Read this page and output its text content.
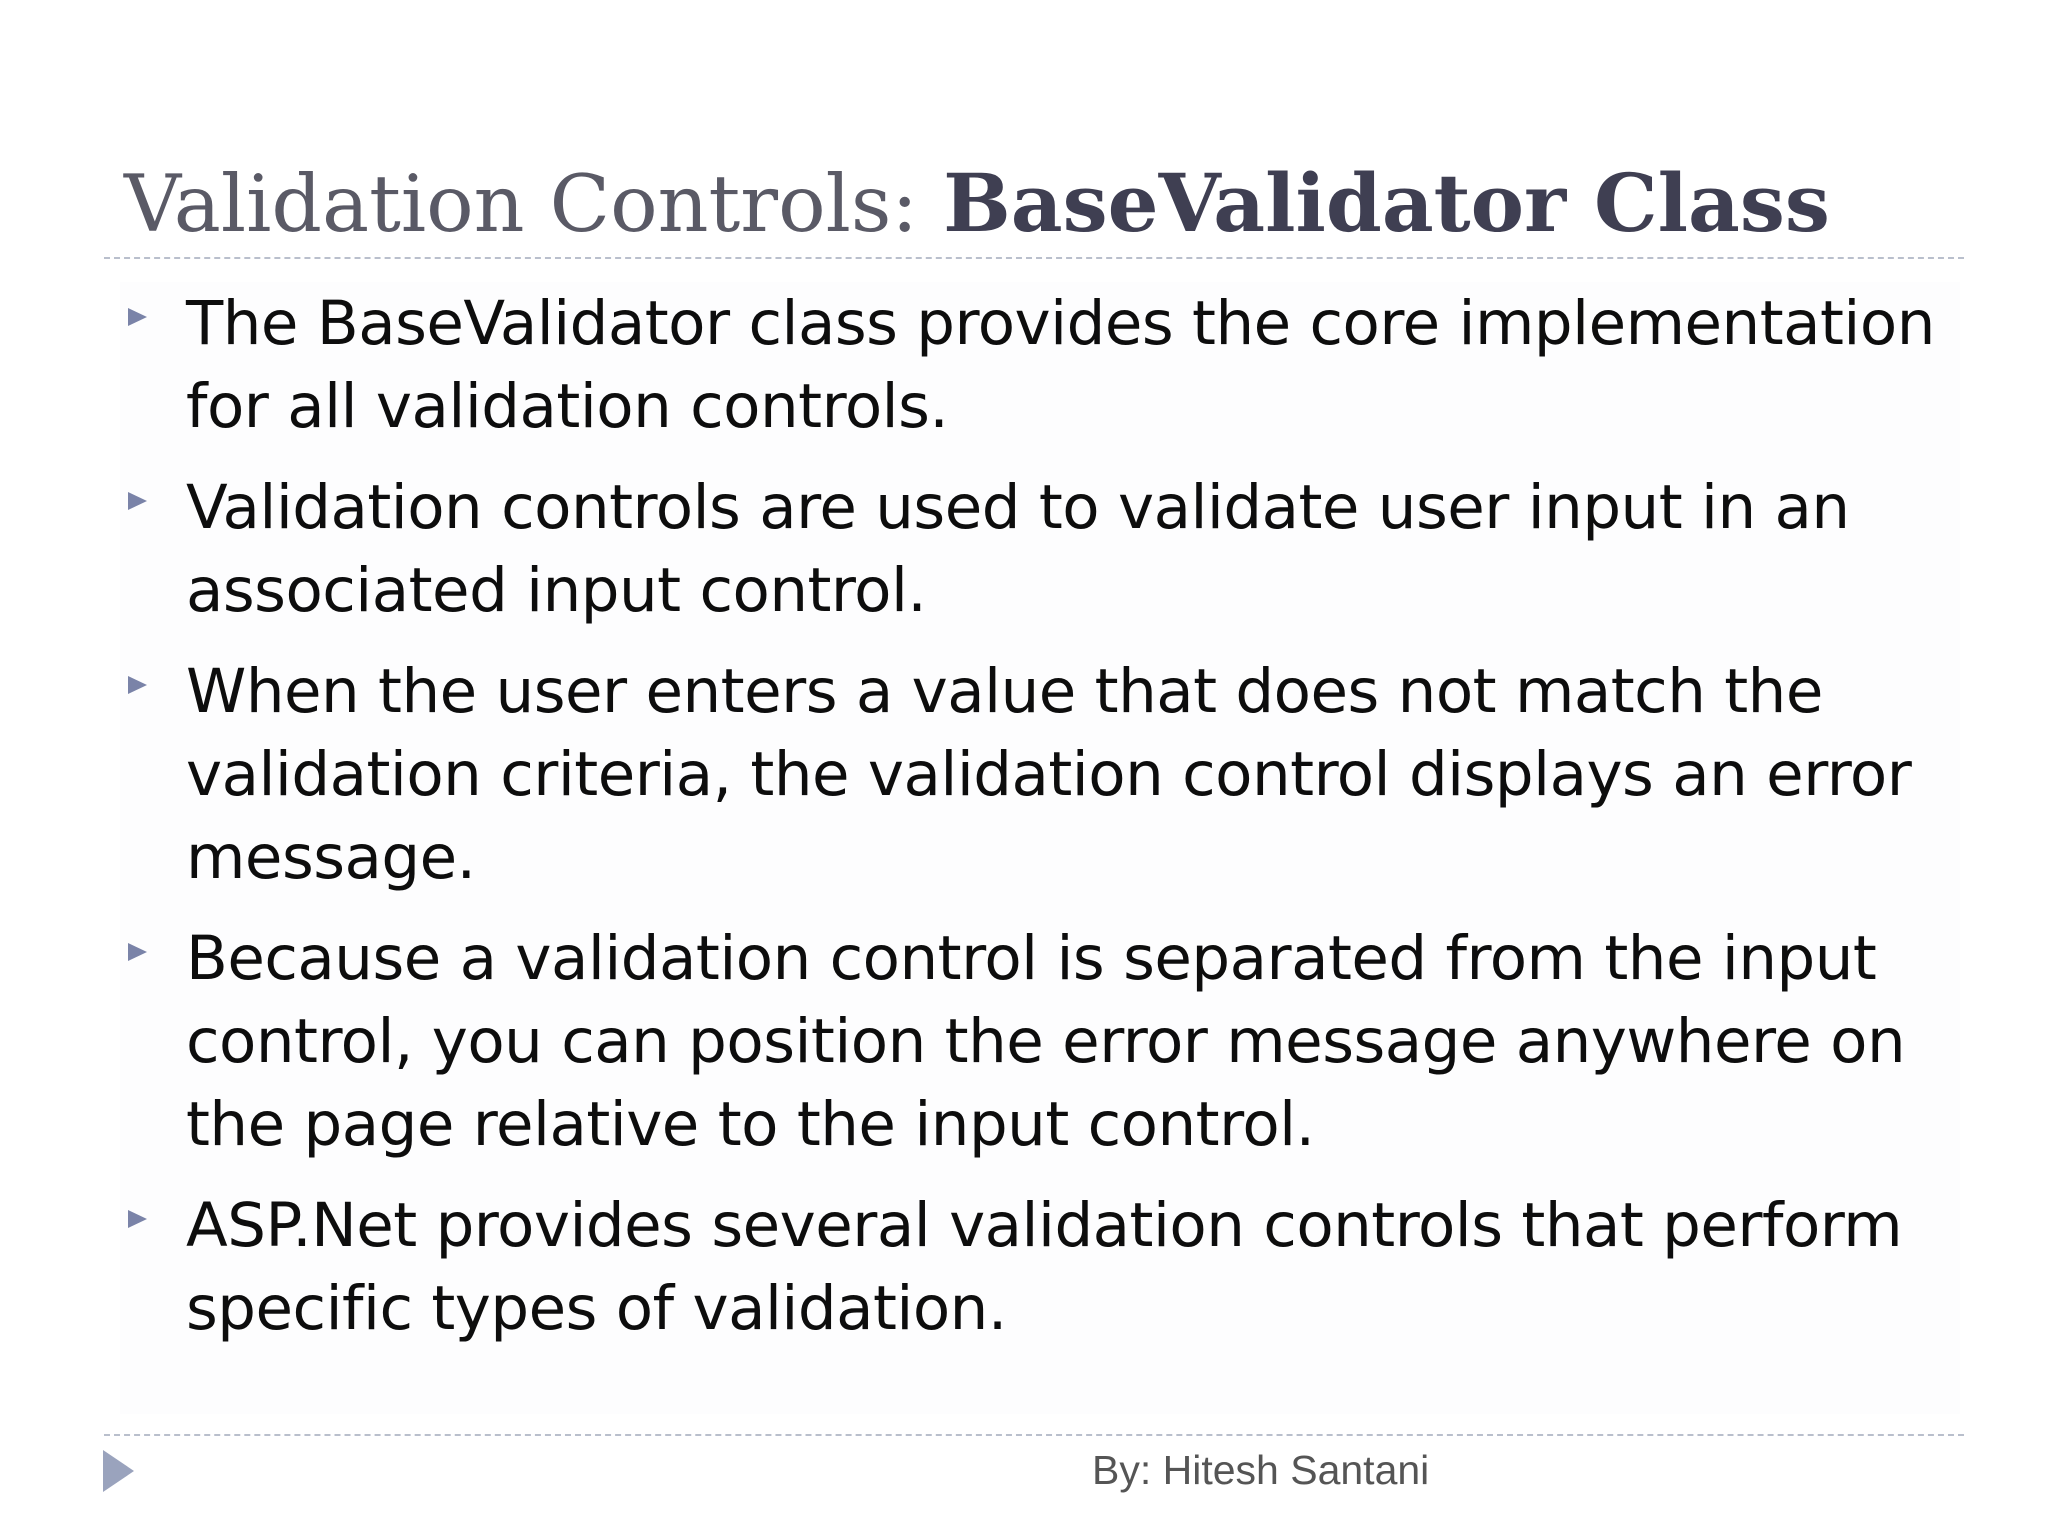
Validation Controls: BaseValidator Class
The BaseValidator class provides the core implementation for all validation controls.
Validation controls are used to validate user input in an associated input control.
When the user enters a value that does not match the validation criteria, the validation control displays an error message.
Because a validation control is separated from the input control, you can position the error message anywhere on the page relative to the input control.
ASP.Net provides several validation controls that perform specific types of validation.
By: Hitesh Santani
